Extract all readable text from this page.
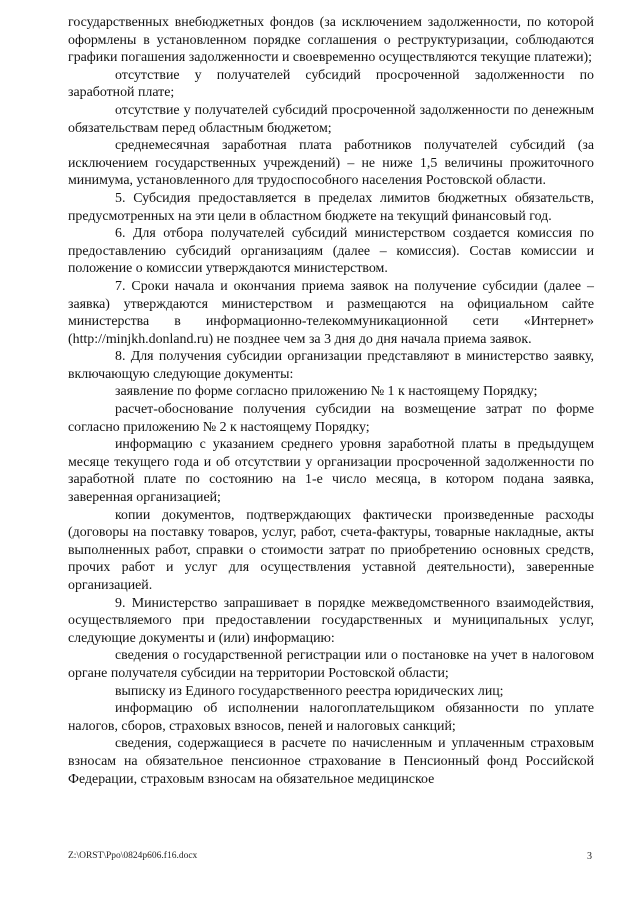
государственных внебюджетных фондов (за исключением задолженности, по которой оформлены в установленном порядке соглашения о реструктуризации, соблюдаются графики погашения задолженности и своевременно осуществляются текущие платежи);

отсутствие у получателей субсидий просроченной задолженности по заработной плате;

отсутствие у получателей субсидий просроченной задолженности по денежным обязательствам перед областным бюджетом;

среднемесячная заработная плата работников получателей субсидий (за исключением государственных учреждений) – не ниже 1,5 величины прожиточного минимума, установленного для трудоспособного населения Ростовской области.

5. Субсидия предоставляется в пределах лимитов бюджетных обязательств, предусмотренных на эти цели в областном бюджете на текущий финансовый год.

6. Для отбора получателей субсидий министерством создается комиссия по предоставлению субсидий организациям (далее – комиссия). Состав комиссии и положение о комиссии утверждаются министерством.

7. Сроки начала и окончания приема заявок на получение субсидии (далее – заявка) утверждаются министерством и размещаются на официальном сайте министерства в информационно-телекоммуникационной сети «Интернет» (http://minjkh.donland.ru) не позднее чем за 3 дня до дня начала приема заявок.

8. Для получения субсидии организации представляют в министерство заявку, включающую следующие документы:

заявление по форме согласно приложению № 1 к настоящему Порядку;

расчет-обоснование получения субсидии на возмещение затрат по форме согласно приложению № 2 к настоящему Порядку;

информацию с указанием среднего уровня заработной платы в предыдущем месяце текущего года и об отсутствии у организации просроченной задолженности по заработной плате по состоянию на 1-е число месяца, в котором подана заявка, заверенная организацией;

копии документов, подтверждающих фактически произведенные расходы (договоры на поставку товаров, услуг, работ, счета-фактуры, товарные накладные, акты выполненных работ, справки о стоимости затрат по приобретению основных средств, прочих работ и услуг для осуществления уставной деятельности), заверенные организацией.

9. Министерство запрашивает в порядке межведомственного взаимодействия, осуществляемого при предоставлении государственных и муниципальных услуг, следующие документы и (или) информацию:

сведения о государственной регистрации или о постановке на учет в налоговом органе получателя субсидии на территории Ростовской области;

выписку из Единого государственного реестра юридических лиц;

информацию об исполнении налогоплательщиком обязанности по уплате налогов, сборов, страховых взносов, пеней и налоговых санкций;

сведения, содержащиеся в расчете по начисленным и уплаченным страховым взносам на обязательное пенсионное страхование в Пенсионный фонд Российской Федерации, страховым взносам на обязательное медицинское

Z:\ORST\Ppo\0824p606.f16.docx	3
